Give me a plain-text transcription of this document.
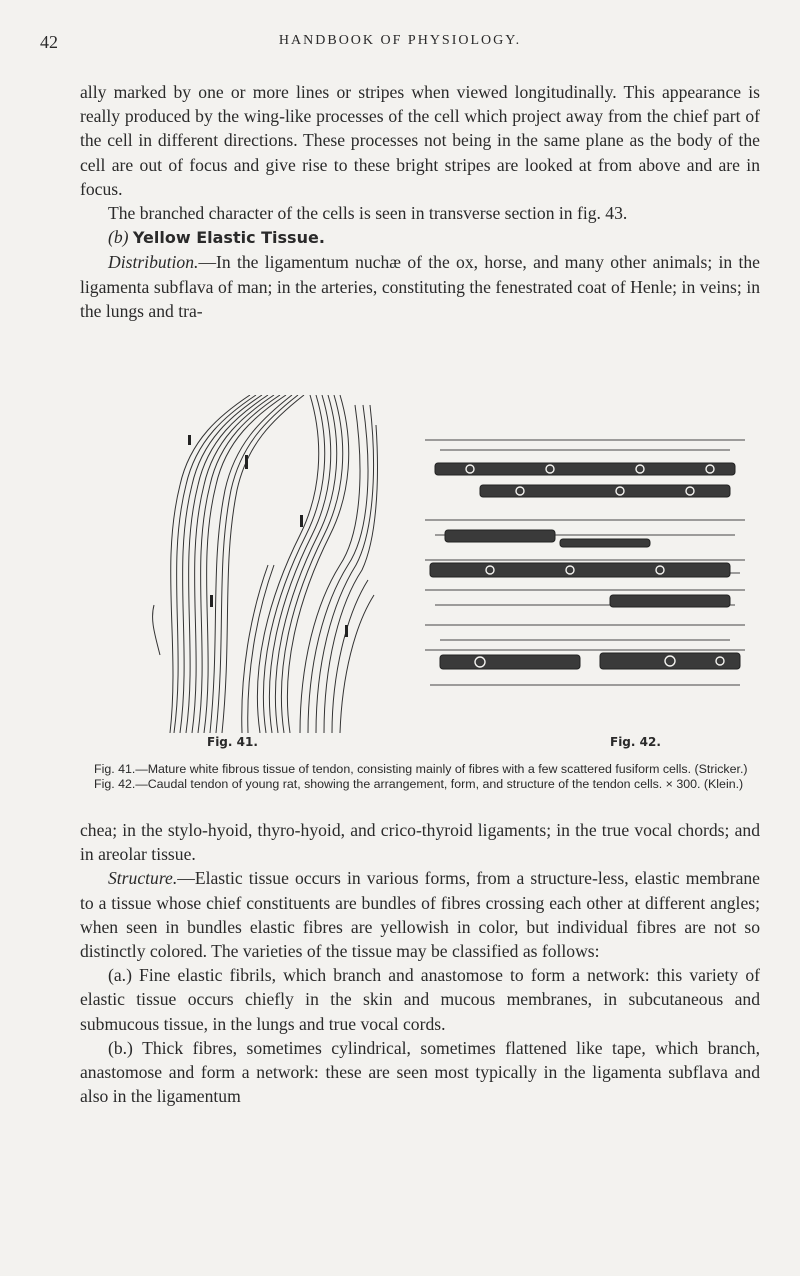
42	HANDBOOK OF PHYSIOLOGY.

ally marked by one or more lines or stripes when viewed longitudinally. This appearance is really produced by the wing-like processes of the cell which project away from the chief part of the cell in different directions. These processes not being in the same plane as the body of the cell are out of focus and give rise to these bright stripes are looked at from above and are in focus.

The branched character of the cells is seen in transverse section in fig. 43.

(b) Yellow Elastic Tissue.

Distribution.—In the ligamentum nuchæ of the ox, horse, and many other animals; in the ligamenta subflava of man; in the arteries, constituting the fenestrated coat of Henle; in veins; in the lungs and tra-

Fig. 41.	Fig. 42.

Fig. 41.—Mature white fibrous tissue of tendon, consisting mainly of fibres with a few scattered fusiform cells. (Stricker.)

Fig. 42.—Caudal tendon of young rat, showing the arrangement, form, and structure of the tendon cells. × 300. (Klein.)

chea; in the stylo-hyoid, thyro-hyoid, and crico-thyroid ligaments; in the true vocal chords; and in areolar tissue.

Structure.—Elastic tissue occurs in various forms, from a structure-less, elastic membrane to a tissue whose chief constituents are bundles of fibres crossing each other at different angles; when seen in bundles elastic fibres are yellowish in color, but individual fibres are not so distinctly colored. The varieties of the tissue may be classified as follows:

(a.) Fine elastic fibrils, which branch and anastomose to form a network: this variety of elastic tissue occurs chiefly in the skin and mucous membranes, in subcutaneous and submucous tissue, in the lungs and true vocal cords.

(b.) Thick fibres, sometimes cylindrical, sometimes flattened like tape, which branch, anastomose and form a network: these are seen most typically in the ligamenta subflava and also in the ligamentum
